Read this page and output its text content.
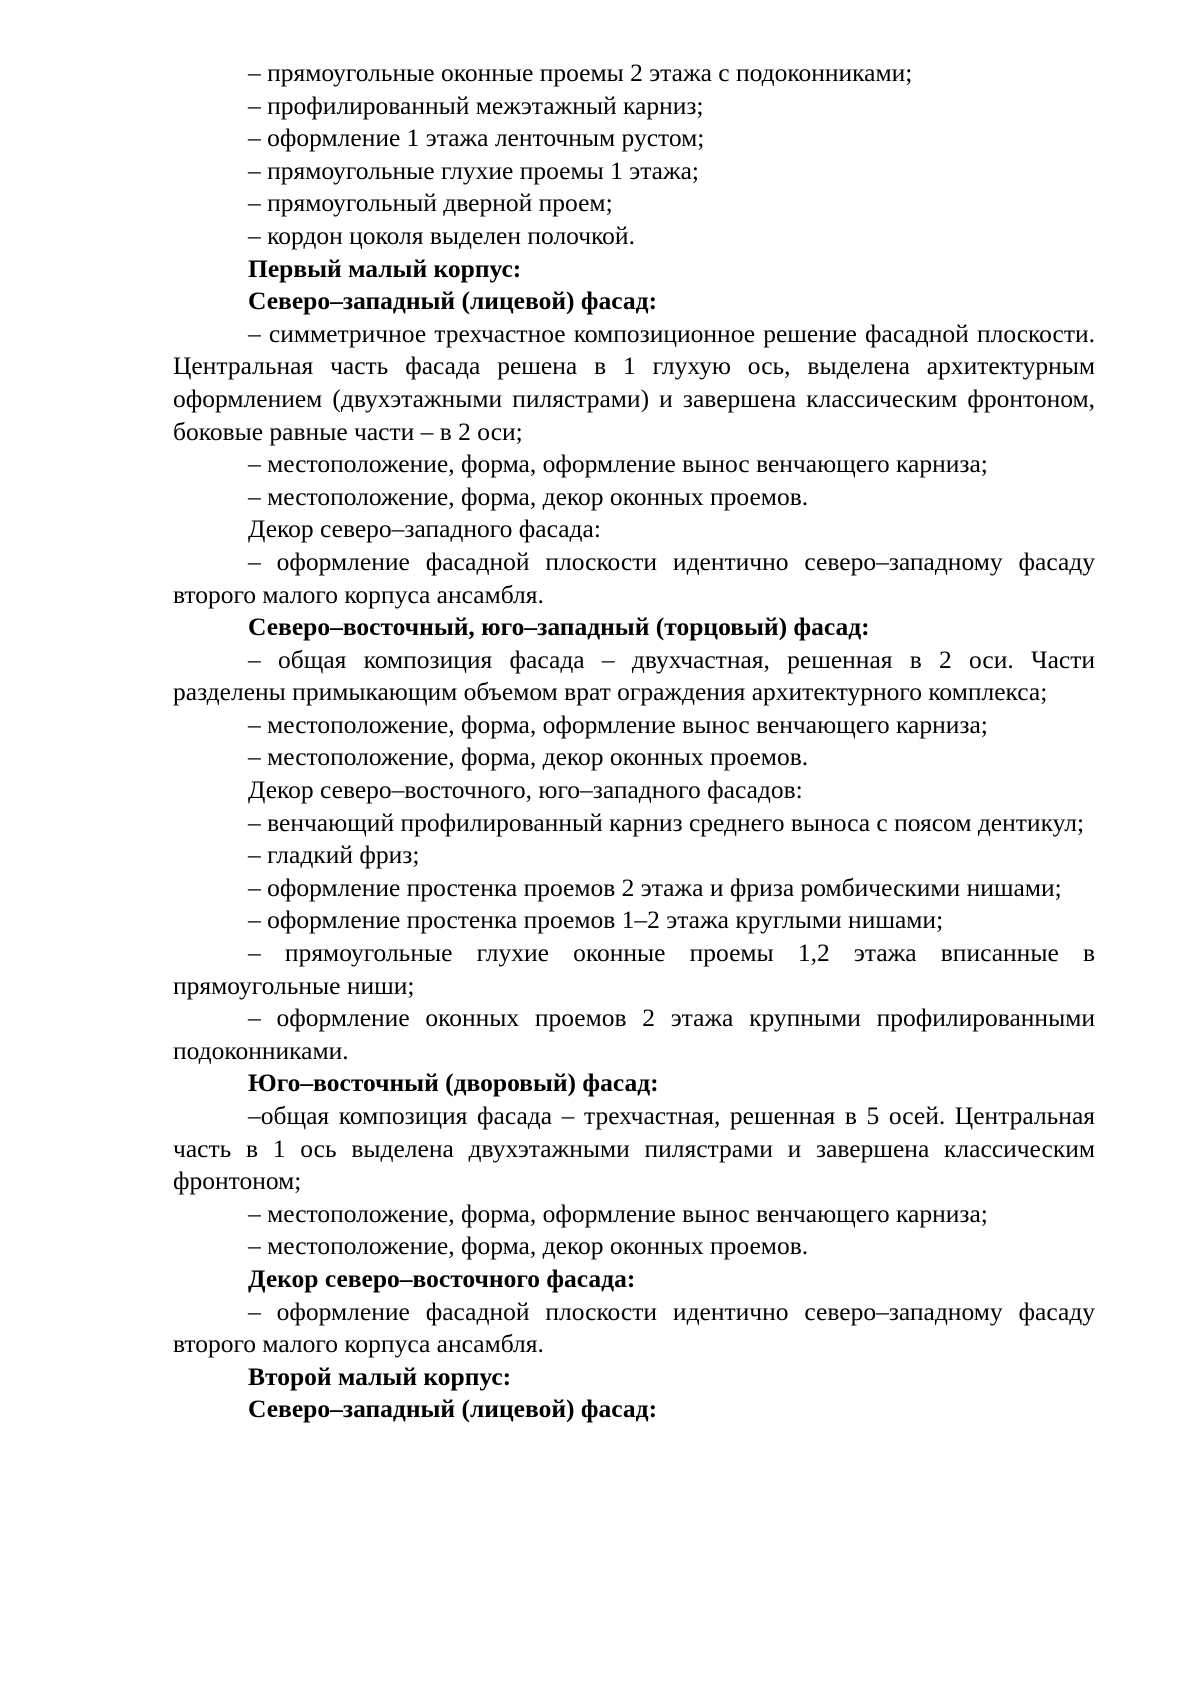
– прямоугольные оконные проемы 2 этажа с подоконниками;

– профилированный межэтажный карниз;

– оформление 1 этажа ленточным рустом;

– прямоугольные глухие проемы 1 этажа;

– прямоугольный дверной проем;

– кордон цоколя выделен полочкой.

Первый малый корпус:

Северо–западный (лицевой) фасад:

– симметричное трехчастное композиционное решение фасадной плоскости. Центральная часть фасада решена в 1 глухую ось, выделена архитектурным оформлением (двухэтажными пилястрами) и завершена классическим фронтоном, боковые равные части – в 2 оси;

– местоположение, форма, оформление вынос венчающего карниза;

– местоположение, форма, декор оконных проемов.

Декор северо–западного фасада:

– оформление фасадной плоскости идентично северо–западному фасаду второго малого корпуса ансамбля.

Северо–восточный, юго–западный (торцовый) фасад:

– общая композиция фасада – двухчастная, решенная в 2 оси. Части разделены примыкающим объемом врат ограждения архитектурного комплекса;

– местоположение, форма, оформление вынос венчающего карниза;

– местоположение, форма, декор оконных проемов.

Декор северо–восточного, юго–западного фасадов:

– венчающий профилированный карниз среднего выноса с поясом дентикул;

– гладкий фриз;

– оформление простенка проемов 2 этажа и фриза ромбическими нишами;

– оформление простенка проемов 1–2 этажа круглыми нишами;

– прямоугольные глухие оконные проемы 1,2 этажа вписанные в прямоугольные ниши;

– оформление оконных проемов 2 этажа крупными профилированными подоконниками.

Юго–восточный (дворовый) фасад:

–общая композиция фасада – трехчастная, решенная в 5 осей. Центральная часть в 1 ось выделена двухэтажными пилястрами и завершена классическим фронтоном;

– местоположение, форма, оформление вынос венчающего карниза;

– местоположение, форма, декор оконных проемов.

Декор северо–восточного фасада:

– оформление фасадной плоскости идентично северо–западному фасаду второго малого корпуса ансамбля.

Второй малый корпус:

Северо–западный (лицевой) фасад:
